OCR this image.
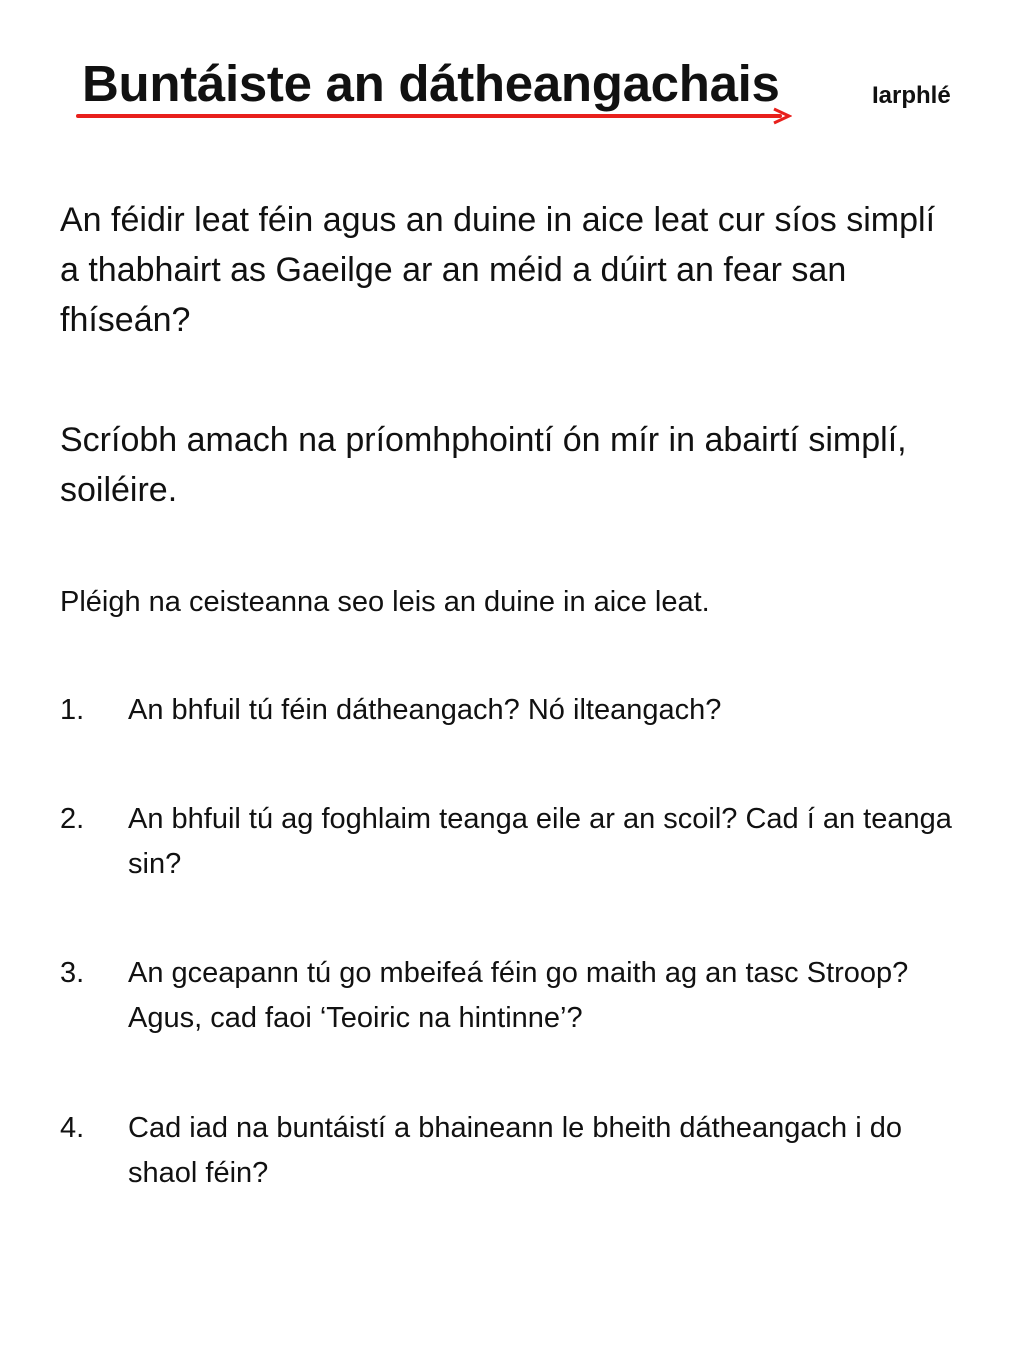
Buntáiste an dátheangachais	Iarphlé

An féidir leat féin agus an duine in aice leat cur síos simplí a thabhairt as Gaeilge ar an méid a dúirt an fear san fhíseán?

Scríobh amach na príomhphointí ón mír in abairtí simplí, soiléire.

Pléigh na ceisteanna seo leis an duine in aice leat.

1. An bhfuil tú féin dátheangach? Nó ilteangach?
2. An bhfuil tú ag foghlaim teanga eile ar an scoil? Cad í an teanga sin?
3. An gceapann tú go mbeifeá féin go maith ag an tasc Stroop? Agus, cad faoi ‘Teoiric na hintinne’?
4. Cad iad na buntáistí a bhaineann le bheith dátheangach i do shaol féin?
